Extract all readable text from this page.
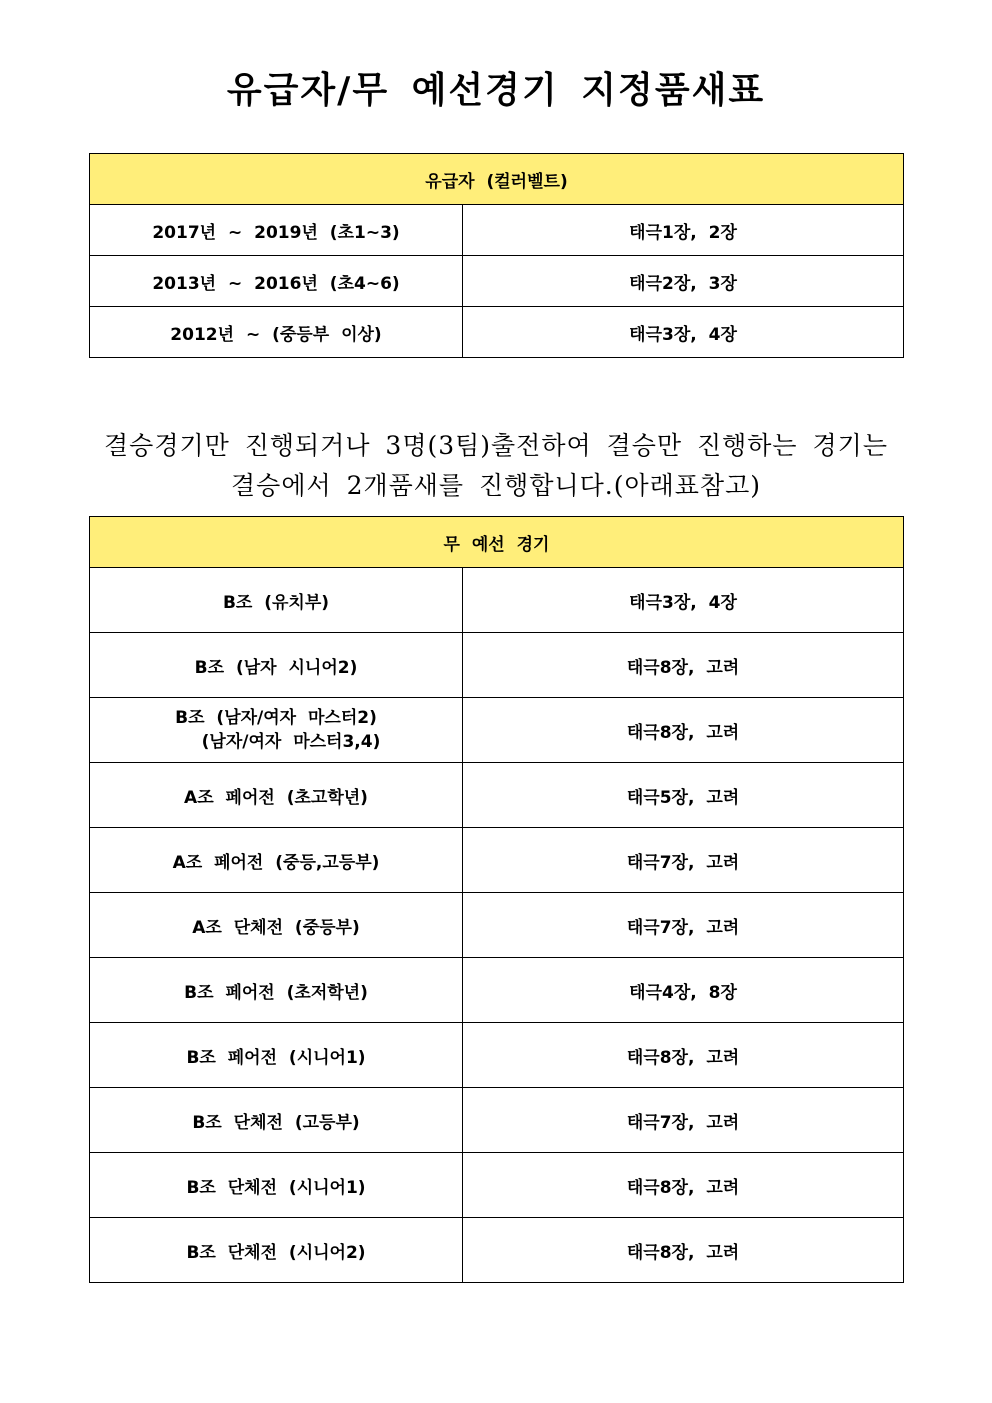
유급자/무 예선경기 지정품새표
유급자 (컬러벨트)	
2017년 ~ 2019년 (초1~3)	태극1장, 2장
2013년 ~ 2016년 (초4~6)	태극2장, 3장
2012년 ~ (중등부 이상)	태극3장, 4장
결승경기만 진행되거나 3명(3팀)출전하여 결승만 진행하는 경기는
결승에서 2개품새를 진행합니다.(아래표참고)
무 예선 경기	
B조 (유치부)	태극3장, 4장
B조 (남자 시니어2)	태극8장, 고려

B조 (남자/여자 마스터2)
(남자/여자 마스터3,4)	태극8장, 고려
A조 페어전 (초고학년)	태극5장, 고려
A조 페어전 (중등,고등부)	태극7장, 고려
A조 단체전 (중등부)	태극7장, 고려
B조 페어전 (초저학년)	태극4장, 8장
B조 페어전 (시니어1)	태극8장, 고려
B조 단체전 (고등부)	태극7장, 고려
B조 단체전 (시니어1)	태극8장, 고려
B조 단체전 (시니어2)	태극8장, 고려
